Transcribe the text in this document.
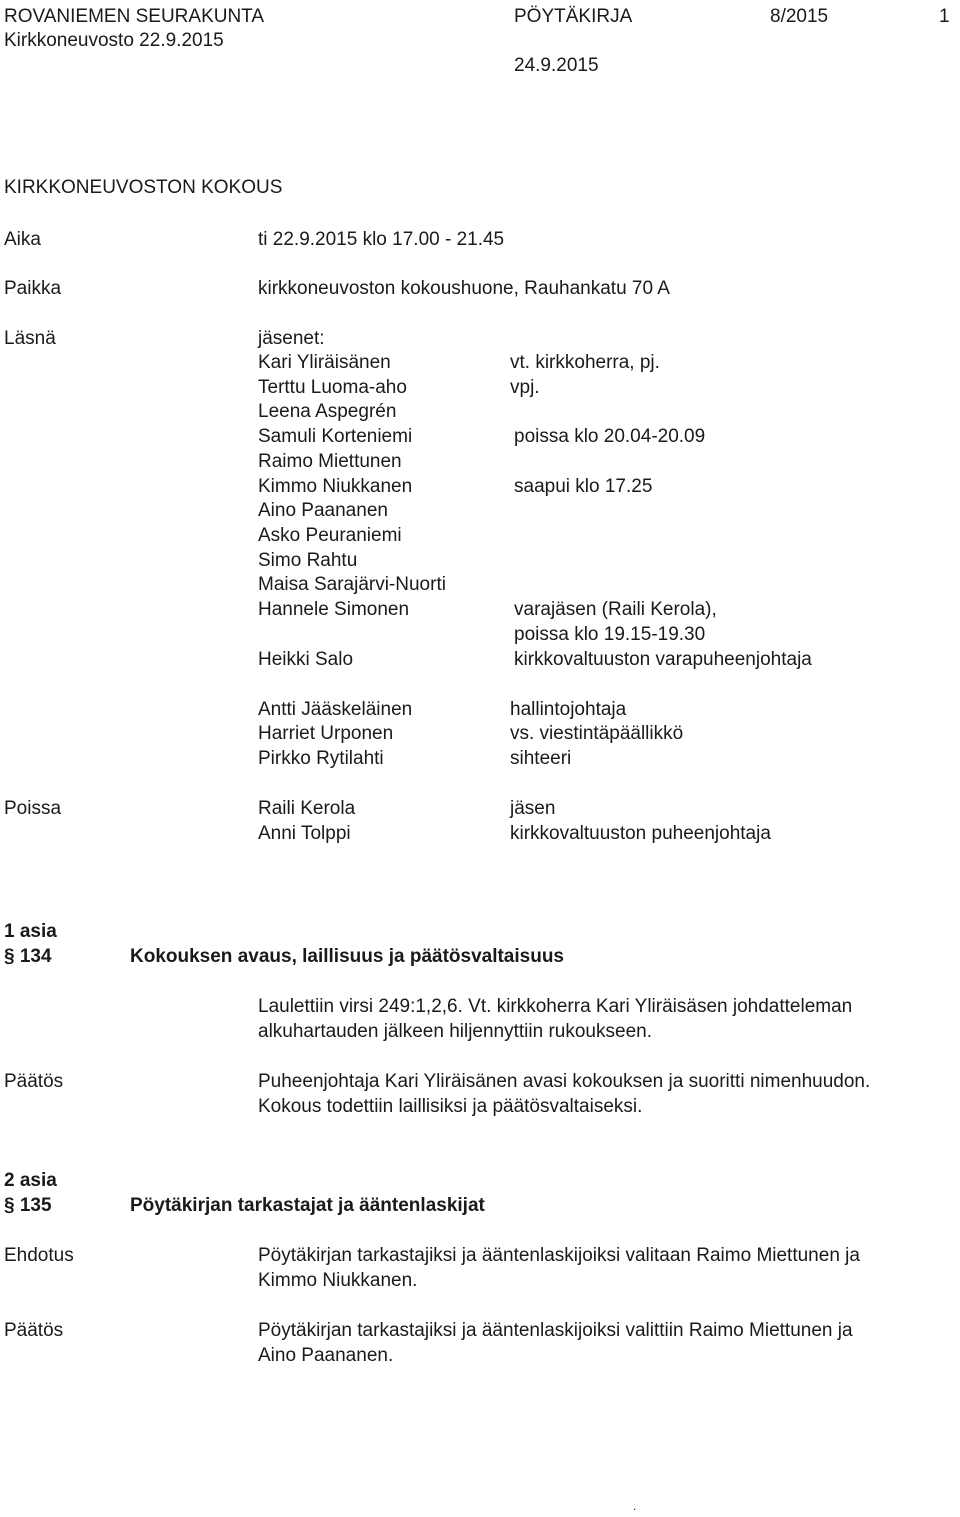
ROVANIEMEN SEURAKUNTA
Kirkkoneuvosto 22.9.2015
PÖYTÄKIRJA	8/2015	1
24.9.2015
KIRKKONEUVOSTON KOKOUS
Aika	ti 22.9.2015 klo 17.00 - 21.45
Paikka	kirkkoneuvoston kokoushuone, Rauhankatu 70 A
Läsnä	jäsenet:
Kari Yliräisänen	vt. kirkkoherra, pj.
Terttu Luoma-aho	vpj.
Leena Aspegrén
Samuli Korteniemi	poissa klo 20.04-20.09
Raimo Miettunen
Kimmo Niukkanen	saapui klo 17.25
Aino Paananen
Asko Peuraniemi
Simo Rahtu
Maisa Sarajärvi-Nuorti
Hannele Simonen	varajäsen (Raili Kerola),
poissa klo 19.15-19.30
Heikki Salo	kirkkovaltuuston varapuheenjohtaja
Antti Jääskeläinen	hallintojohtaja
Harriet Urponen	vs. viestintäpäällikkö
Pirkko Rytilahti	sihteeri
Poissa	Raili Kerola	jäsen
Anni Tolppi	kirkkovaltuuston puheenjohtaja
1 asia
§ 134	Kokouksen avaus, laillisuus ja päätösvaltaisuus
Laulettiin virsi 249:1,2,6. Vt. kirkkoherra Kari Yliräisäsen johdatteleman
alkuhartauden jälkeen hiljennyttiin rukoukseen.
Päätös	Puheenjohtaja Kari Yliräisänen avasi kokouksen ja suoritti nimenhuudon.
Kokous todettiin laillisiksi ja päätösvaltaiseksi.
2 asia
§ 135	Pöytäkirjan tarkastajat ja ääntenlaskijat
Ehdotus	Pöytäkirjan tarkastajiksi ja ääntenlaskijoiksi valitaan Raimo Miettunen ja
Kimmo Niukkanen.
Päätös	Pöytäkirjan tarkastajiksi ja ääntenlaskijoiksi valittiin Raimo Miettunen ja
Aino Paananen.
.
